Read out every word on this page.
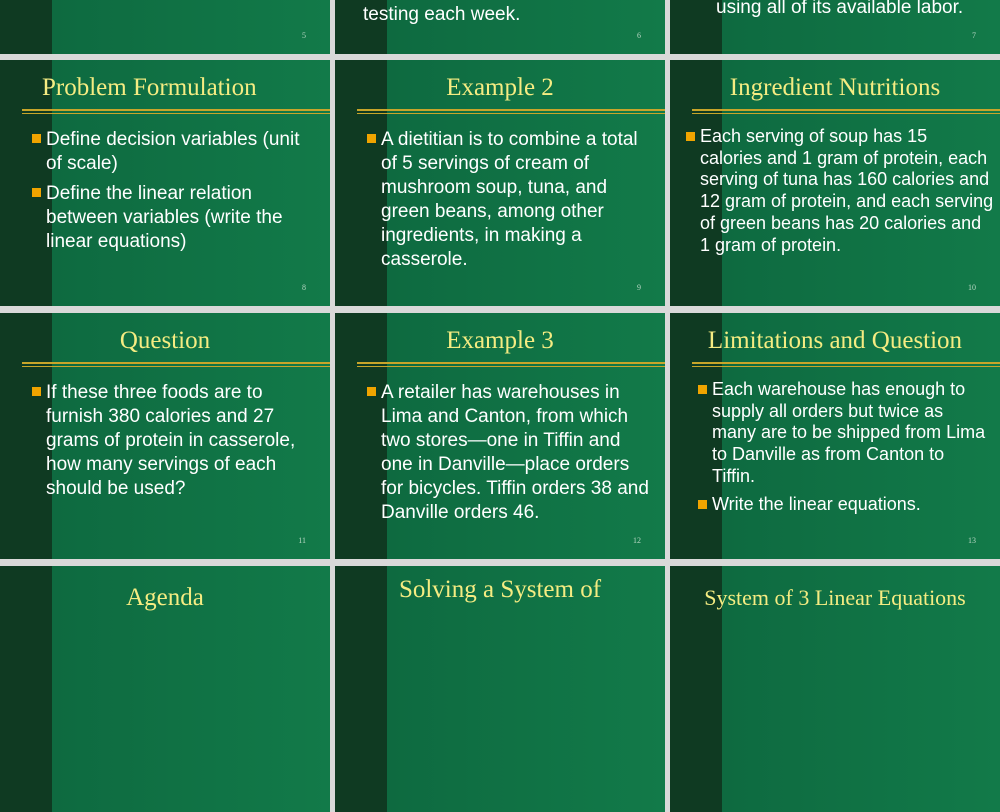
5
testing each week.
6
using all of its available labor.
7
Problem Formulation
Define decision variables (unit of scale)
Define the linear relation between variables (write the linear equations)
8
Example 2
A dietitian is to combine a total of 5 servings of cream of mushroom soup, tuna, and green beans, among other ingredients, in making a casserole.
9
Ingredient Nutritions
Each serving of soup has 15 calories and 1 gram of protein, each serving of tuna has 160 calories and 12 gram of protein, and each serving of green beans has 20 calories and 1 gram of protein.
10
Question
If these three foods are to furnish 380 calories and 27 grams of protein in casserole, how many servings of each should be used?
11
Example 3
A retailer has warehouses in Lima and Canton, from which two stores—one in Tiffin and one in Danville—place orders for bicycles. Tiffin orders 38 and Danville orders 46.
12
Limitations and Question
Each warehouse has enough to supply all orders but twice as many are to be shipped from Lima to Danville as from Canton to Tiffin.
Write the linear equations.
13
Agenda	Solving a System of	System of 3 Linear Equations
